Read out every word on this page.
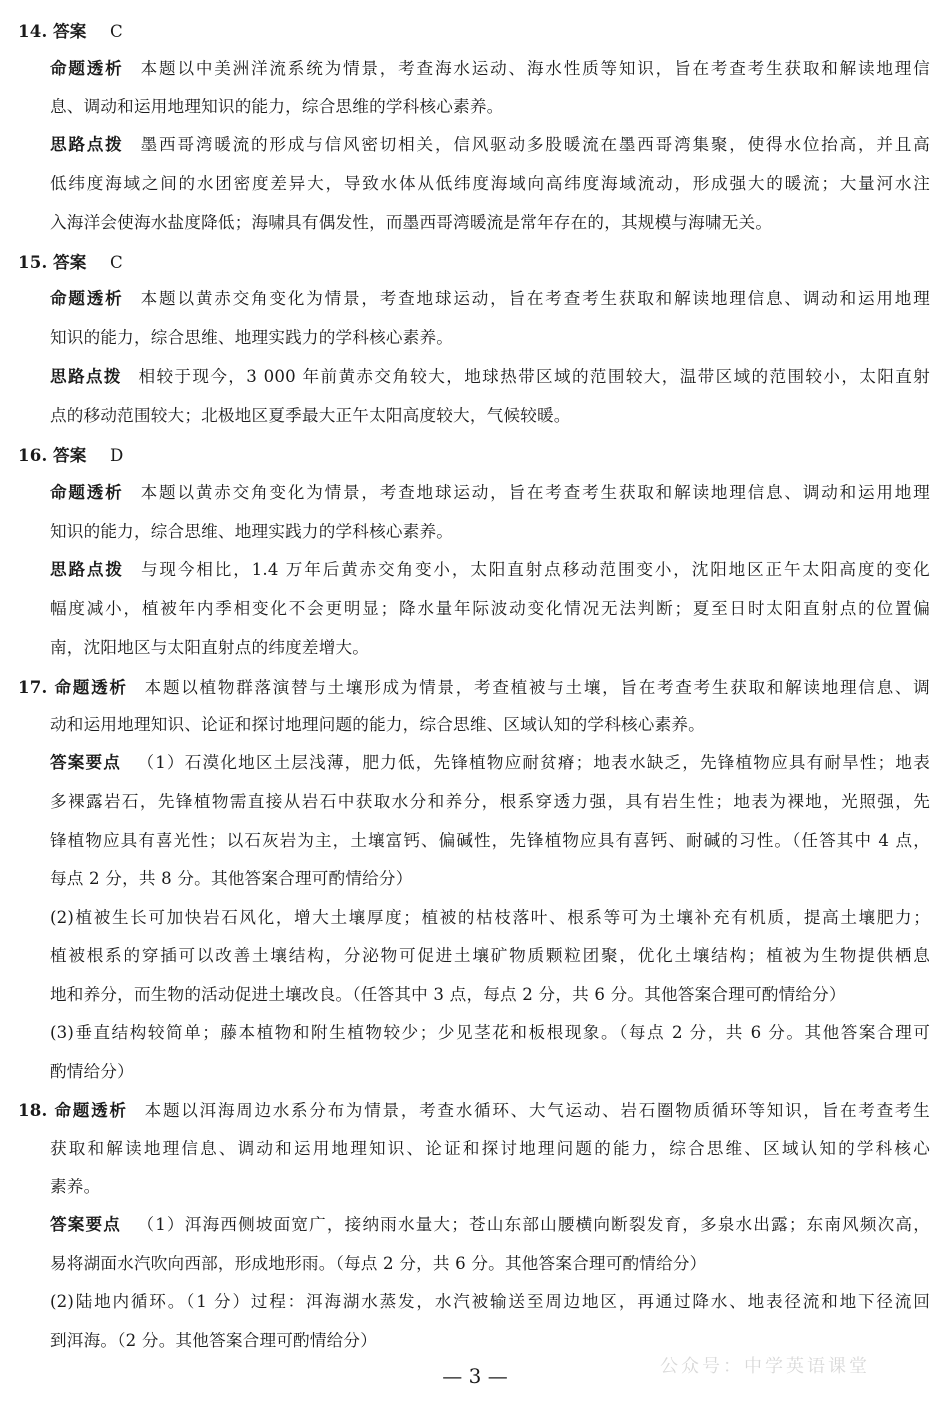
14. 答案 C
命题透析 本题以中美洲洋流系统为情景，考查海水运动、海水性质等知识，旨在考查考生获取和解读地理信
息、调动和运用地理知识的能力，综合思维的学科核心素养。
思路点拨 墨西哥湾暖流的形成与信风密切相关，信风驱动多股暖流在墨西哥湾集聚，使得水位抬高，并且高
低纬度海域之间的水团密度差异大，导致水体从低纬度海域向高纬度海域流动，形成强大的暖流；大量河水注
入海洋会使海水盐度降低；海啸具有偶发性，而墨西哥湾暖流是常年存在的，其规模与海啸无关。
15. 答案 C
命题透析 本题以黄赤交角变化为情景，考查地球运动，旨在考查考生获取和解读地理信息、调动和运用地理
知识的能力，综合思维、地理实践力的学科核心素养。
思路点拨 相较于现今，3 000 年前黄赤交角较大，地球热带区域的范围较大，温带区域的范围较小，太阳直射
点的移动范围较大；北极地区夏季最大正午太阳高度较大，气候较暖。
16. 答案 D
命题透析 本题以黄赤交角变化为情景，考查地球运动，旨在考查考生获取和解读地理信息、调动和运用地理
知识的能力，综合思维、地理实践力的学科核心素养。
思路点拨 与现今相比，1.4 万年后黄赤交角变小，太阳直射点移动范围变小，沈阳地区正午太阳高度的变化
幅度减小，植被年内季相变化不会更明显；降水量年际波动变化情况无法判断；夏至日时太阳直射点的位置偏
南，沈阳地区与太阳直射点的纬度差增大。
17. 命题透析 本题以植物群落演替与土壤形成为情景，考查植被与土壤，旨在考查考生获取和解读地理信息、调
动和运用地理知识、论证和探讨地理问题的能力，综合思维、区域认知的学科核心素养。
答案要点 （1）石漠化地区土层浅薄，肥力低，先锋植物应耐贫瘠；地表水缺乏，先锋植物应具有耐旱性；地表
多裸露岩石，先锋植物需直接从岩石中获取水分和养分，根系穿透力强，具有岩生性；地表为裸地，光照强，先
锋植物应具有喜光性；以石灰岩为主，土壤富钙、偏碱性，先锋植物应具有喜钙、耐碱的习性。（任答其中 4 点，
每点 2 分，共 8 分。其他答案合理可酌情给分）
(2)植被生长可加快岩石风化，增大土壤厚度；植被的枯枝落叶、根系等可为土壤补充有机质，提高土壤肥力；
植被根系的穿插可以改善土壤结构，分泌物可促进土壤矿物质颗粒团聚，优化土壤结构；植被为生物提供栖息
地和养分，而生物的活动促进土壤改良。（任答其中 3 点，每点 2 分，共 6 分。其他答案合理可酌情给分）
(3)垂直结构较简单；藤本植物和附生植物较少；少见茎花和板根现象。（每点 2 分，共 6 分。其他答案合理可
酌情给分）
18. 命题透析 本题以洱海周边水系分布为情景，考查水循环、大气运动、岩石圈物质循环等知识，旨在考查考生
获取和解读地理信息、调动和运用地理知识、论证和探讨地理问题的能力，综合思维、区域认知的学科核心
素养。
答案要点 （1）洱海西侧坡面宽广，接纳雨水量大；苍山东部山腰横向断裂发育，多泉水出露；东南风频次高，
易将湖面水汽吹向西部，形成地形雨。（每点 2 分，共 6 分。其他答案合理可酌情给分）
(2)陆地内循环。（1 分）过程：洱海湖水蒸发，水汽被输送至周边地区，再通过降水、地表径流和地下径流回
到洱海。（2 分。其他答案合理可酌情给分）
公众号：中学英语课堂
— 3 —
